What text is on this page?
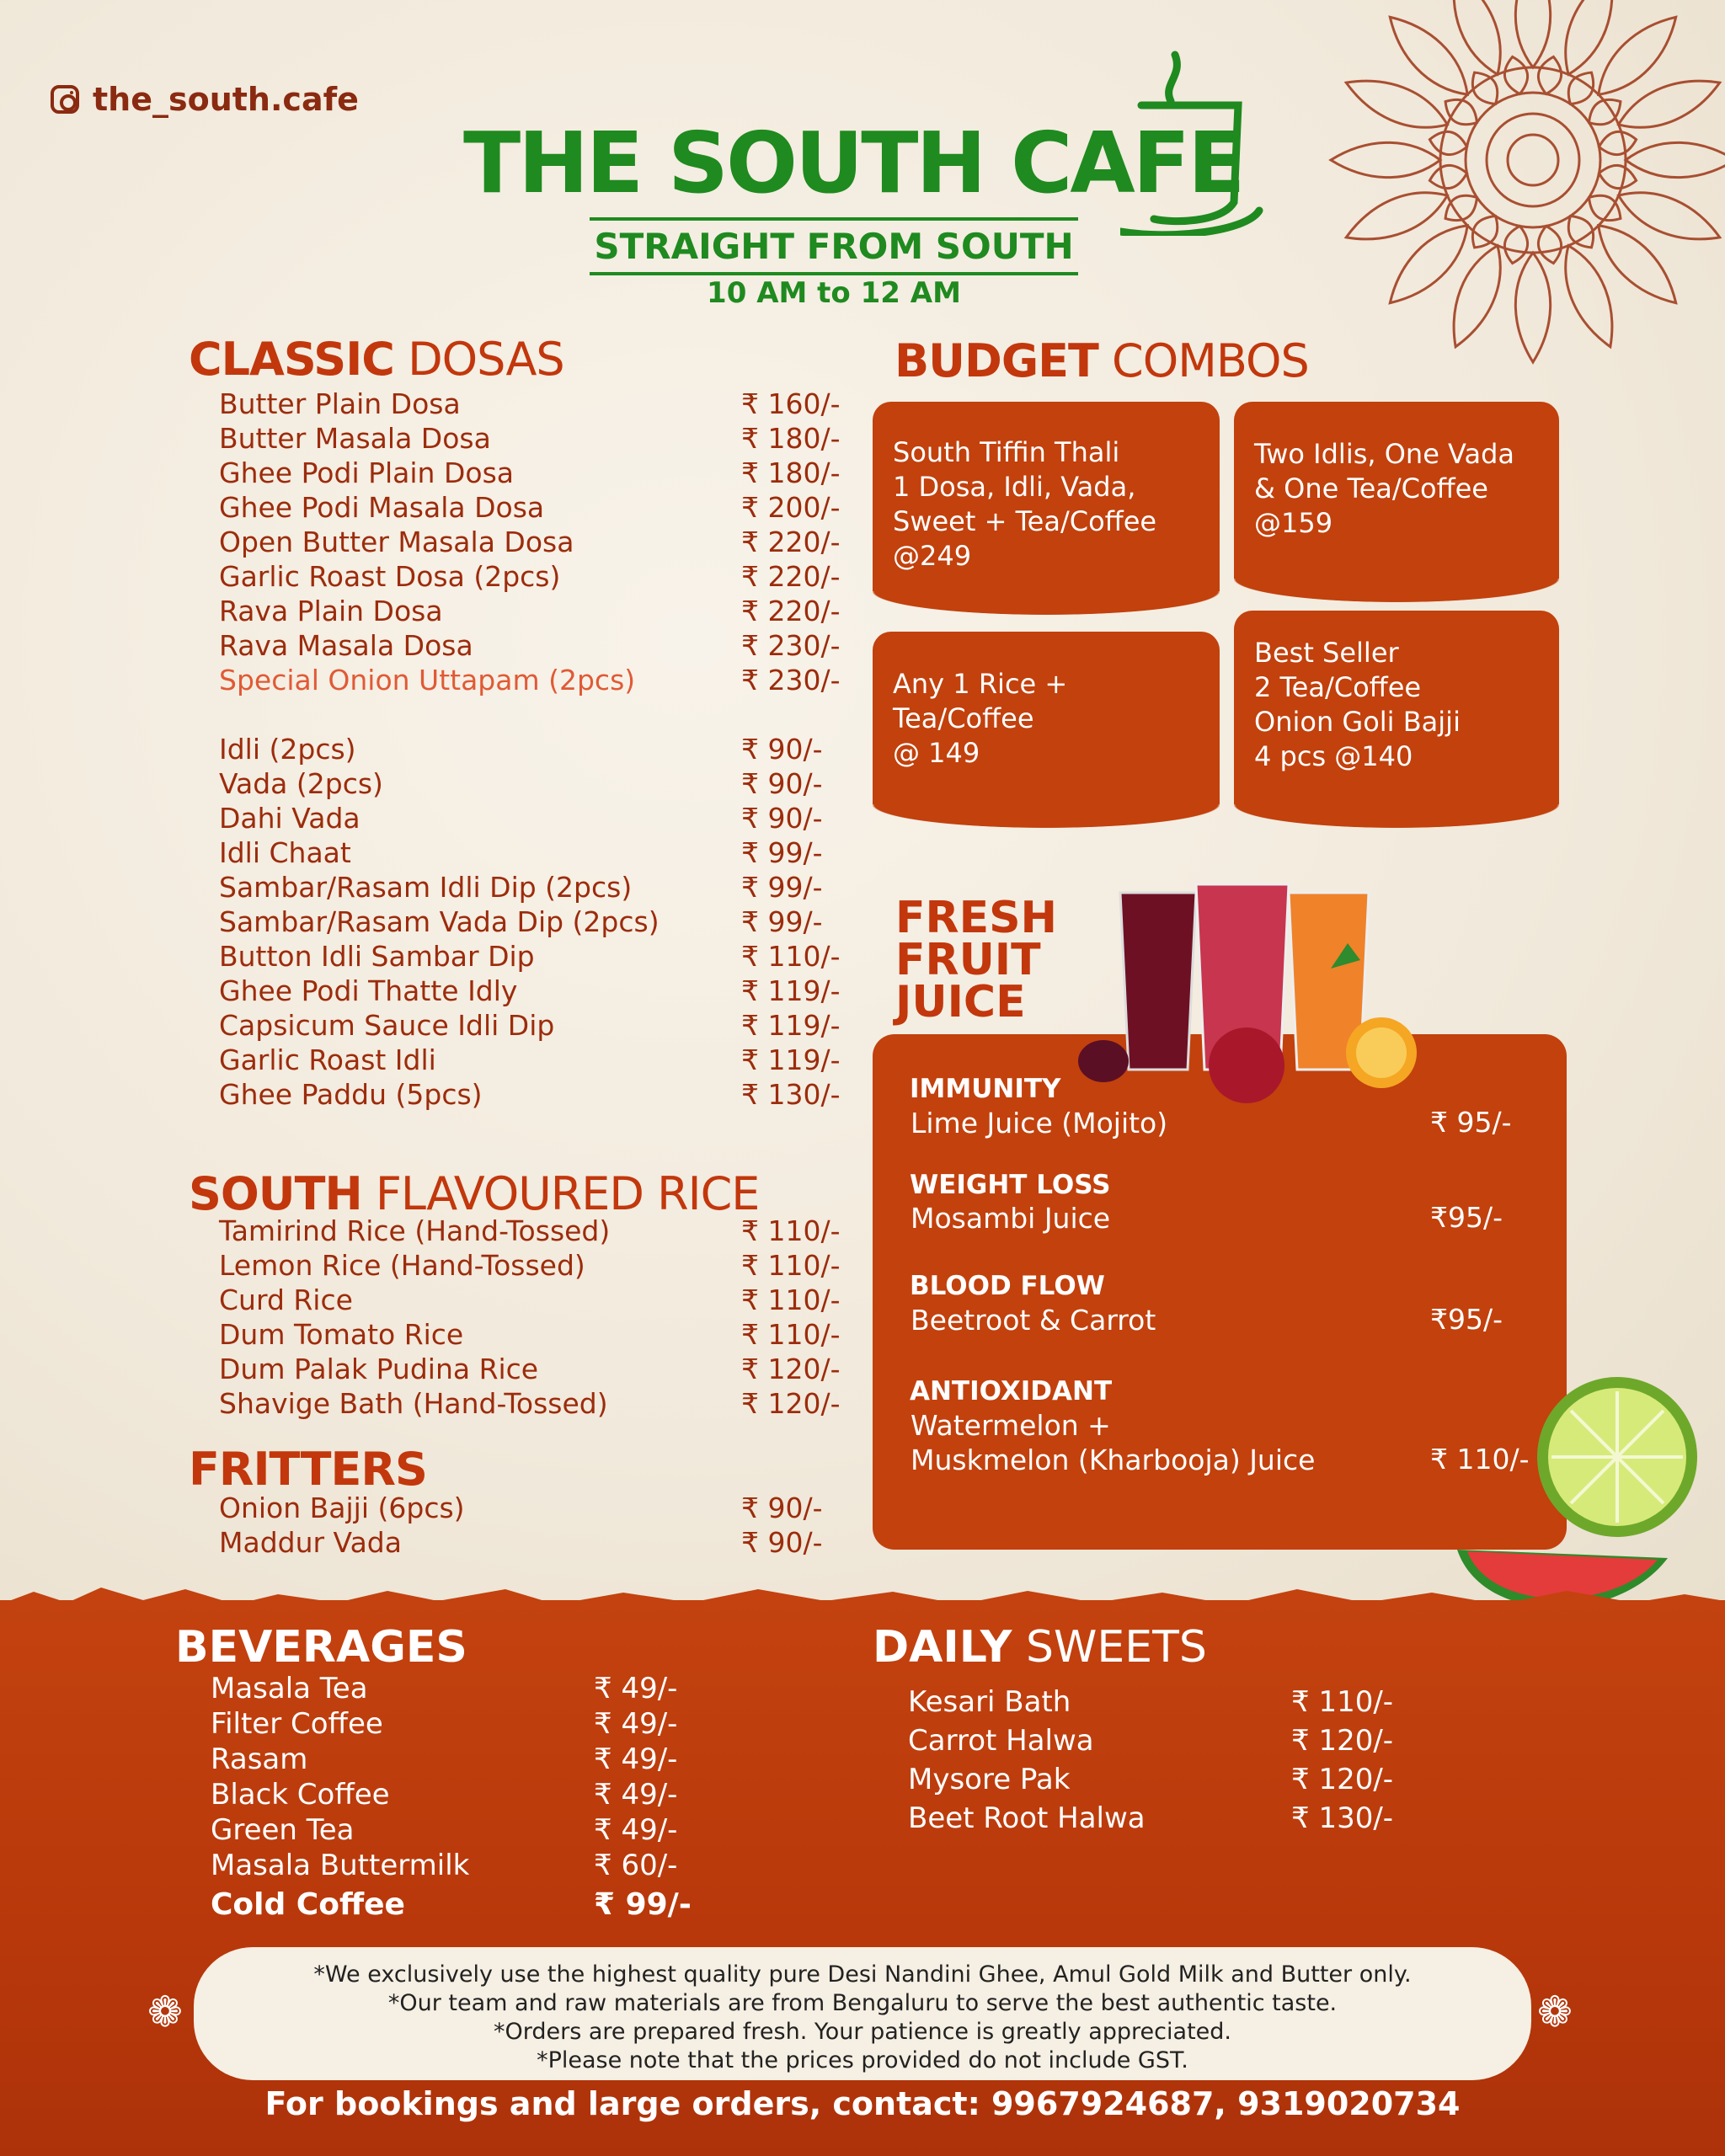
the_south.cafe
THE SOUTH CAFE
STRAIGHT FROM SOUTH
10 AM to 12 AM
CLASSIC DOSAS
Butter Plain Dosa	₹ 160/-
Butter Masala Dosa	₹ 180/-
Ghee Podi Plain Dosa	₹ 180/-
Ghee Podi Masala Dosa	₹ 200/-
Open Butter Masala Dosa	₹ 220/-
Garlic Roast Dosa (2pcs)	₹ 220/-
Rava Plain Dosa	₹ 220/-
Rava Masala Dosa	₹ 230/-
Special Onion Uttapam (2pcs)	₹ 230/-
Idli (2pcs)	₹ 90/-
Vada (2pcs)	₹ 90/-
Dahi Vada	₹ 90/-
Idli Chaat	₹ 99/-
Sambar/Rasam Idli Dip (2pcs)	₹ 99/-
Sambar/Rasam Vada Dip (2pcs)	₹ 99/-
Button Idli Sambar Dip	₹ 110/-
Ghee Podi Thatte Idly	₹ 119/-
Capsicum Sauce Idli Dip	₹ 119/-
Garlic Roast Idli	₹ 119/-
Ghee Paddu (5pcs)	₹ 130/-
SOUTH FLAVOURED RICE
Tamirind Rice (Hand-Tossed)	₹ 110/-
Lemon Rice (Hand-Tossed)	₹ 110/-
Curd Rice	₹ 110/-
Dum Tomato Rice	₹ 110/-
Dum Palak Pudina Rice	₹ 120/-
Shavige Bath (Hand-Tossed)	₹ 120/-
FRITTERS
Onion Bajji (6pcs)	₹ 90/-
Maddur Vada	₹ 90/-
BUDGET COMBOS
South Tiffin Thali
1 Dosa, Idli, Vada,
Sweet + Tea/Coffee
@249
Two Idlis, One Vada
& One Tea/Coffee
@159
Any 1 Rice +
Tea/Coffee
@ 149
Best Seller
2 Tea/Coffee
Onion Goli Bajji
4 pcs @140
FRESH
FRUIT
JUICE
IMMUNITY
Lime Juice (Mojito)	₹ 95/-
WEIGHT LOSS
Mosambi Juice	₹95/-
BLOOD FLOW
Beetroot & Carrot	₹95/-
ANTIOXIDANT
Watermelon +
Muskmelon (Kharbooja) Juice	₹ 110/-
BEVERAGES
Masala Tea	₹ 49/-
Filter Coffee	₹ 49/-
Rasam	₹ 49/-
Black Coffee	₹ 49/-
Green Tea	₹ 49/-
Masala Buttermilk	₹ 60/-
Cold Coffee	₹ 99/-
DAILY SWEETS
Kesari Bath	₹ 110/-
Carrot Halwa	₹ 120/-
Mysore Pak	₹ 120/-
Beet Root Halwa	₹ 130/-
❁	❁
*We exclusively use the highest quality pure Desi Nandini Ghee, Amul Gold Milk and Butter only.
*Our team and raw materials are from Bengaluru to serve the best authentic taste.
*Orders are prepared fresh. Your patience is greatly appreciated.
*Please note that the prices provided do not include GST.
For bookings and large orders, contact: 9967924687, 9319020734
